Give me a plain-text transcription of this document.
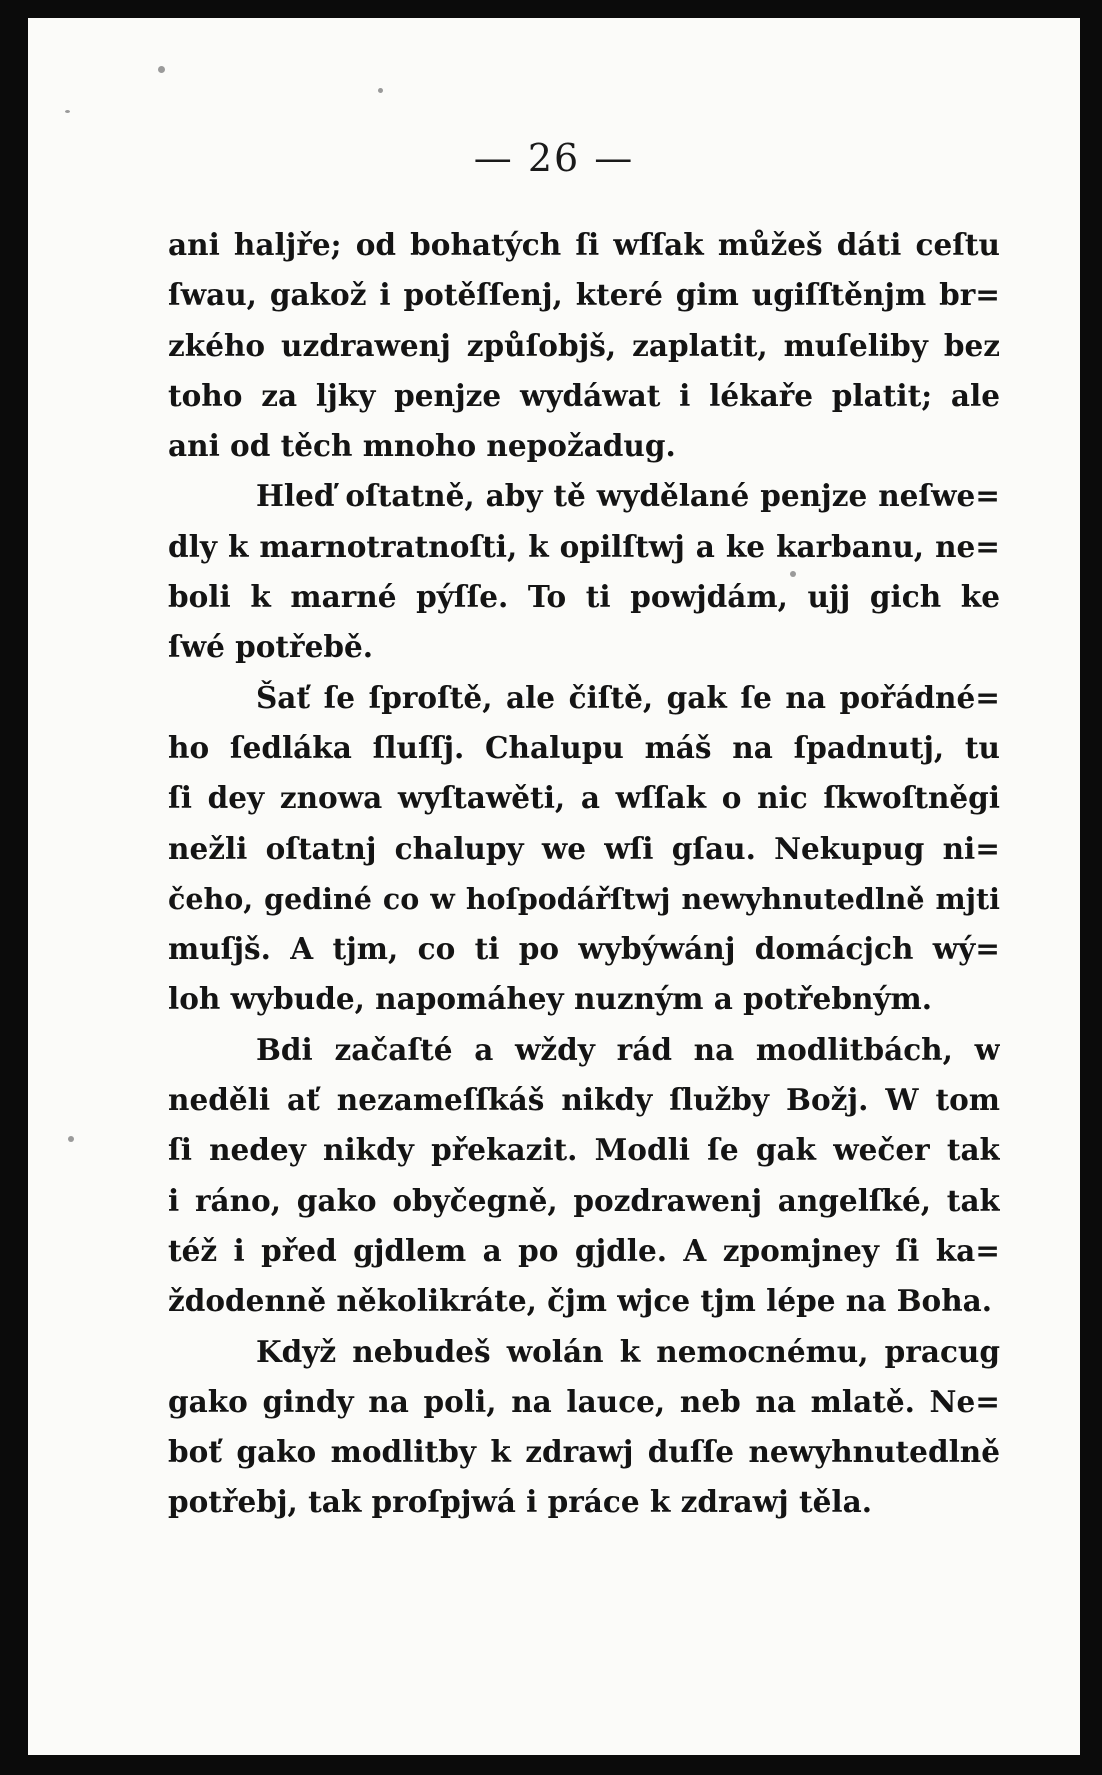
— 26 —
ani haljře; od bohatých ſi wſſak můžeš dáti ceſtu
ſwau, gakož i potěſſenj, které gim ugiſſtěnjm br=
zkého uzdrawenj způſobjš, zaplatit, muſeliby bez
toho za ljky penjze wydáwat i lékaře platit; ale
ani od těch mnoho nepožadug.
Hleď oſtatně, aby tě wydělané penjze neſwe=
dly k marnotratnoſti, k opilſtwj a ke karbanu, ne=
boli k marné pýſſe. To ti powjdám, ujj gich ke
ſwé potřebě.
Šať ſe ſproſtě, ale čiſtě, gak ſe na pořádné=
ho ſedláka ſluſſj. Chalupu máš na ſpadnutj, tu
ſi dey znowa wyſtawěti, a wſſak o nic ſkwoſtněgi
nežli oſtatnj chalupy we wſi gſau. Nekupug ni=
čeho, gediné co w hoſpodářſtwj newyhnutedlně mjti
muſjš. A tjm, co ti po wybýwánj domácjch wý=
loh wybude, napomáhey nuzným a potřebným.
Bdi začaſté a wždy rád na modlitbách, w
neděli ať nezameſſkáš nikdy ſlužby Božj. W tom
ſi nedey nikdy překazit. Modli ſe gak wečer tak
i ráno, gako obyčegně, pozdrawenj angelſké, tak
též i před gjdlem a po gjdle. A zpomjney ſi ka=
ždodenně několikráte, čjm wjce tjm lépe na Boha.
Když nebudeš wolán k nemocnému, pracug
gako gindy na poli, na lauce, neb na mlatě. Ne=
boť gako modlitby k zdrawj duſſe newyhnutedlně
potřebj, tak proſpjwá i práce k zdrawj těla.
